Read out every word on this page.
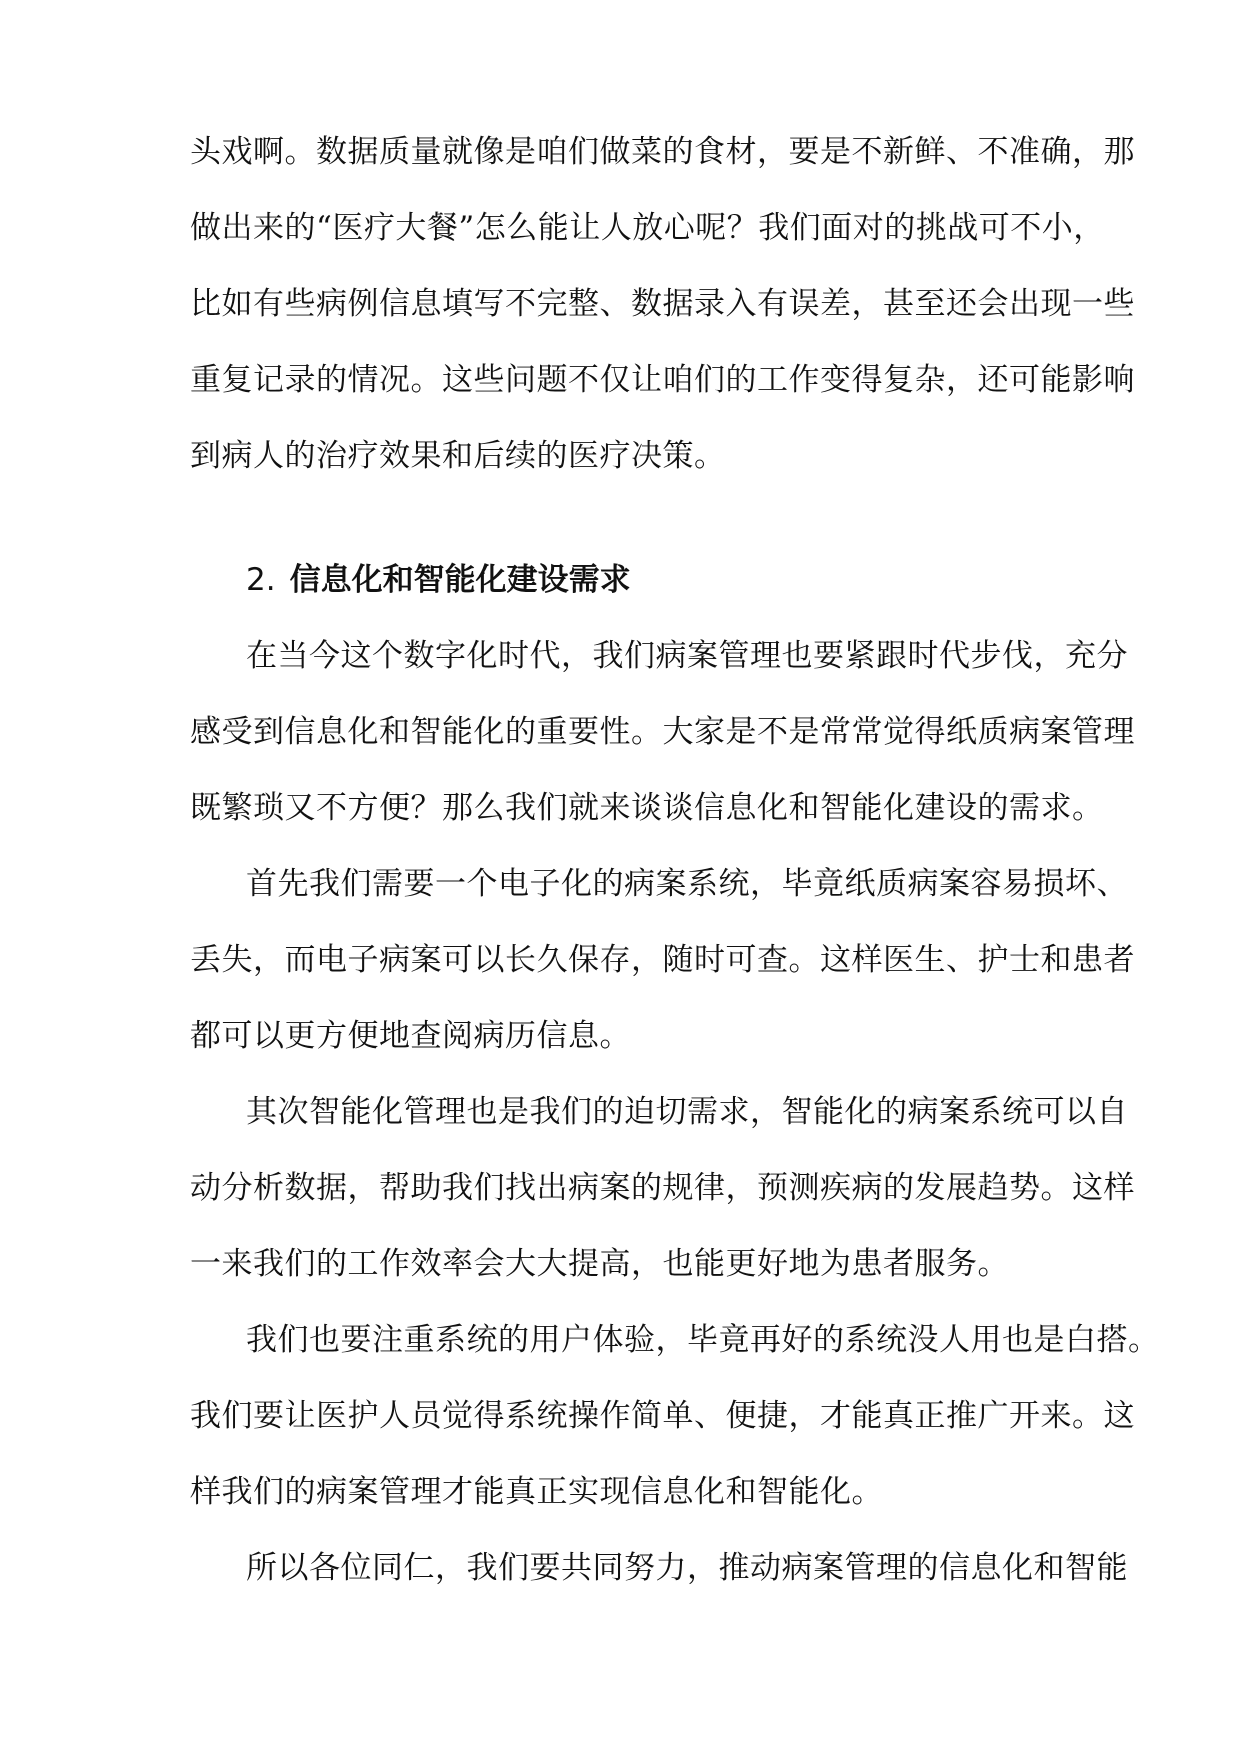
头戏啊。数据质量就像是咱们做菜的食材，要是不新鲜、不准确，那
做出来的“医疗大餐”怎么能让人放心呢？我们面对的挑战可不小，
比如有些病例信息填写不完整、数据录入有误差，甚至还会出现一些
重复记录的情况。这些问题不仅让咱们的工作变得复杂，还可能影响
到病人的治疗效果和后续的医疗决策。
2. 信息化和智能化建设需求
在当今这个数字化时代，我们病案管理也要紧跟时代步伐，充分
感受到信息化和智能化的重要性。大家是不是常常觉得纸质病案管理
既繁琐又不方便？那么我们就来谈谈信息化和智能化建设的需求。
首先我们需要一个电子化的病案系统，毕竟纸质病案容易损坏、
丢失，而电子病案可以长久保存，随时可查。这样医生、护士和患者
都可以更方便地查阅病历信息。
其次智能化管理也是我们的迫切需求，智能化的病案系统可以自
动分析数据，帮助我们找出病案的规律，预测疾病的发展趋势。这样
一来我们的工作效率会大大提高，也能更好地为患者服务。
我们也要注重系统的用户体验，毕竟再好的系统没人用也是白搭。
我们要让医护人员觉得系统操作简单、便捷，才能真正推广开来。这
样我们的病案管理才能真正实现信息化和智能化。
所以各位同仁，我们要共同努力，推动病案管理的信息化和智能
